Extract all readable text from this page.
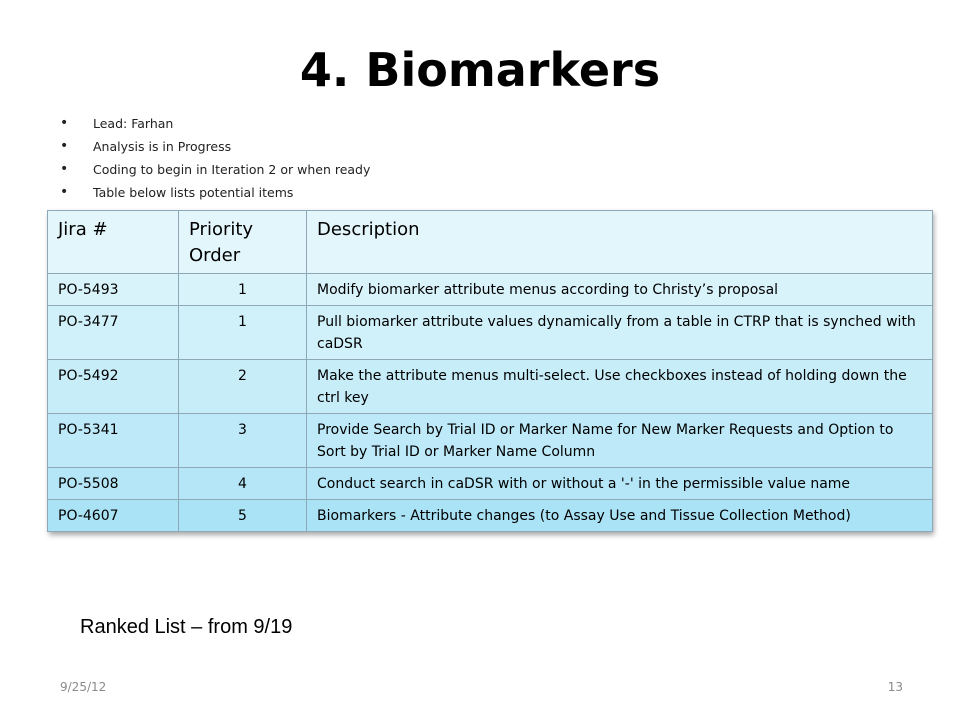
4. Biomarkers
• Lead: Farhan
• Analysis is in Progress
• Coding to begin in Iteration 2 or when ready
• Table below lists potential items
Jira #	Priority Order	Description
PO-5493	1	Modify biomarker attribute menus according to Christy’s proposal
PO-3477	1	Pull biomarker attribute values dynamically from a table in CTRP that is synched with caDSR
PO-5492	2	Make the attribute menus multi-select. Use checkboxes instead of holding down the ctrl key
PO-5341	3	Provide Search by Trial ID or Marker Name for New Marker Requests and Option to Sort by Trial ID or Marker Name Column
PO-5508	4	Conduct search in caDSR with or without a '-' in the permissible value name
PO-4607	5	Biomarkers - Attribute changes (to Assay Use and Tissue Collection Method)
Ranked List – from 9/19
9/25/12	13
